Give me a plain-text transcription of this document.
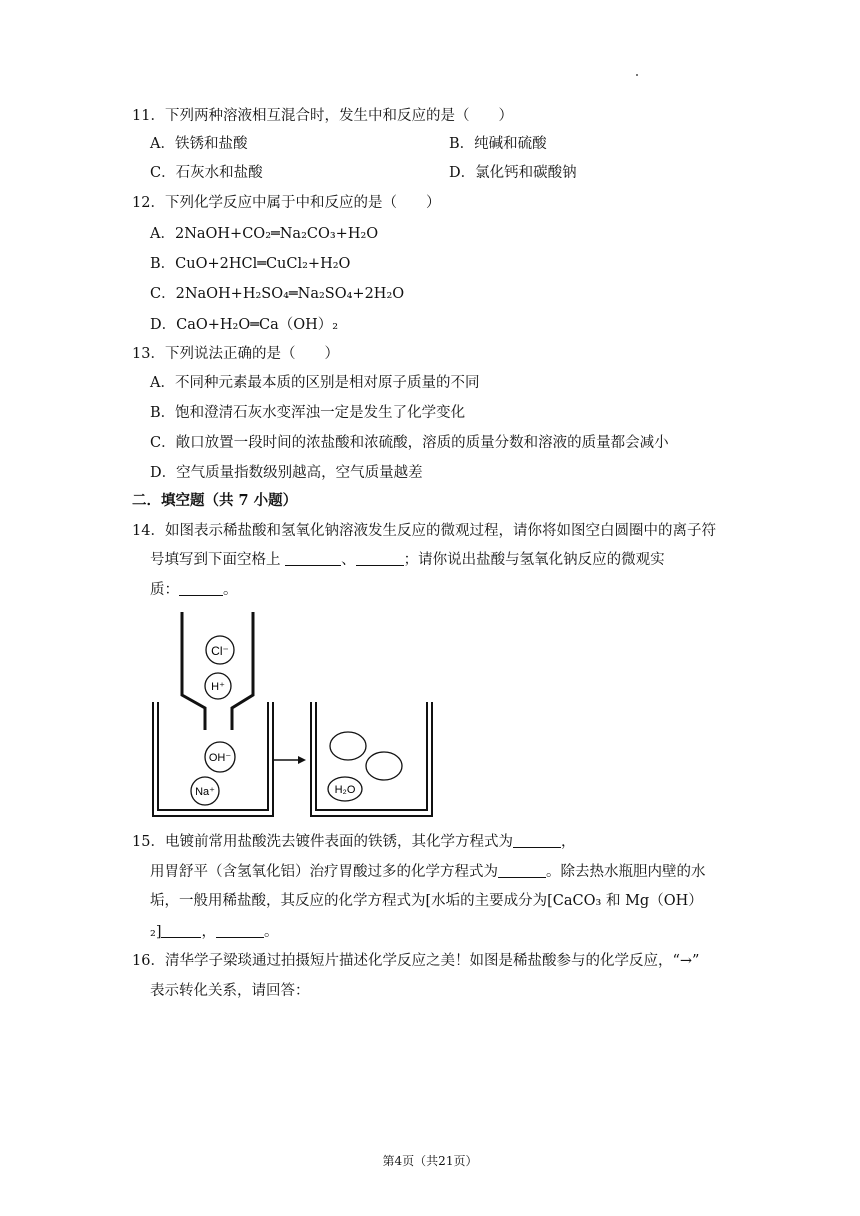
11．下列两种溶液相互混合时，发生中和反应的是（　　）
A．铁锈和盐酸	B．纯碱和硫酸
C．石灰水和盐酸	D．氯化钙和碳酸钠
12．下列化学反应中属于中和反应的是（　　）
A．2NaOH+CO₂═Na₂CO₃+H₂O
B．CuO+2HCl═CuCl₂+H₂O
C．2NaOH+H₂SO₄═Na₂SO₄+2H₂O
D．CaO+H₂O═Ca（OH）₂
13．下列说法正确的是（　　）
A．不同种元素最本质的区别是相对原子质量的不同
B．饱和澄清石灰水变浑浊一定是发生了化学变化
C．敞口放置一段时间的浓盐酸和浓硫酸，溶质的质量分数和溶液的质量都会减小
D．空气质量指数级别越高，空气质量越差
二．填空题（共 7 小题）
14．如图表示稀盐酸和氢氧化钠溶液发生反应的微观过程，请你将如图空白圆圈中的离子符
号填写到下面空格上	、	；请你说出盐酸与氢氧化钠反应的微观实
质：	。
Cl⁻
H⁺
OH⁻
Na⁺	H₂O
15．电镀前常用盐酸洗去镀件表面的铁锈，其化学方程式为	，
用胃舒平（含氢氧化铝）治疗胃酸过多的化学方程式为	。除去热水瓶胆内壁的水
垢，一般用稀盐酸，其反应的化学方程式为[水垢的主要成分为[CaCO₃ 和 Mg（OH）
₂]	，	。
16．清华学子梁琰通过拍摄短片描述化学反应之美！如图是稀盐酸参与的化学反应，“→”
表示转化关系，请回答：
第4页（共21页）
